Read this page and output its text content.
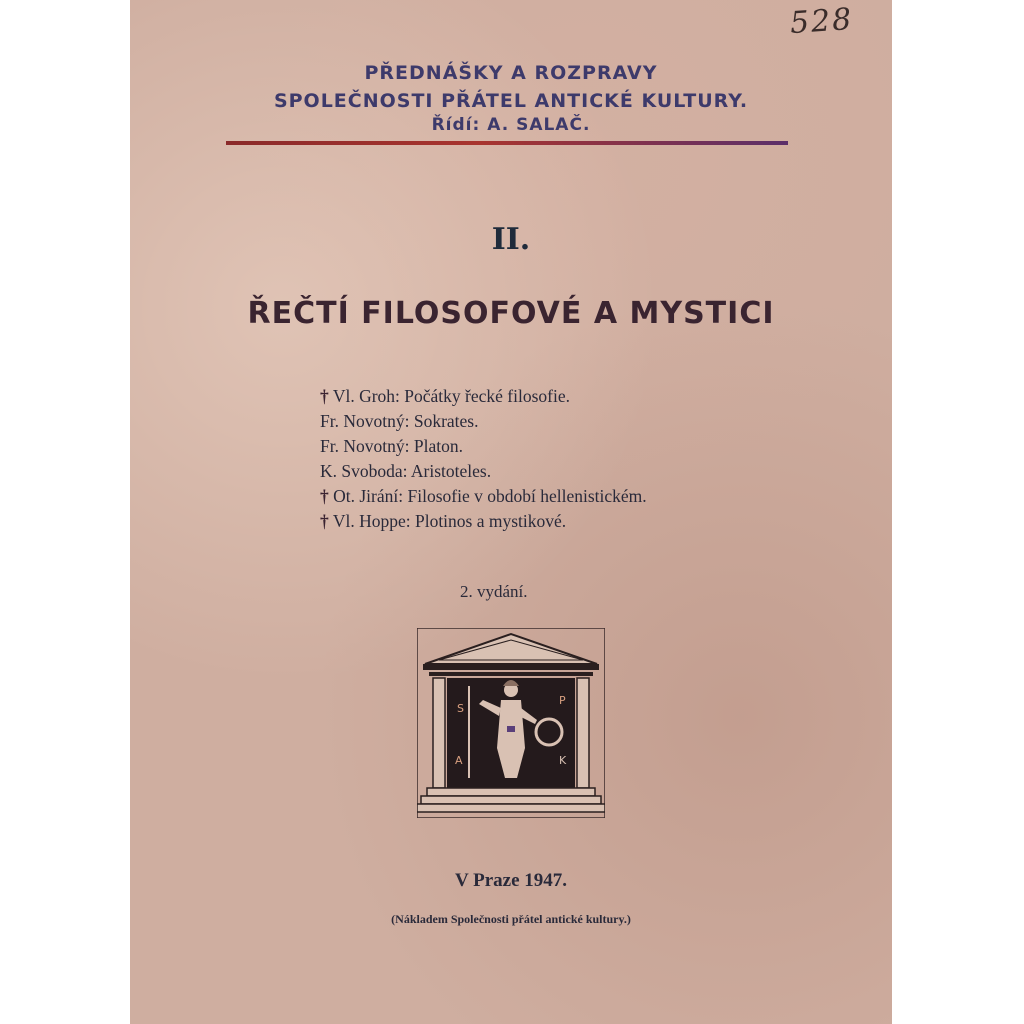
528
PŘEDNÁŠKY A ROZPRAVY
SPOLEČNOSTI PŘÁTEL ANTICKÉ KULTURY.
Řídí: A. SALAČ.
II.
ŘEČTÍ FILOSOFOVÉ A MYSTICI
† Vl. Groh: Počátky řecké filosofie.
Fr. Novotný: Sokrates.
Fr. Novotný: Platon.
K. Svoboda: Aristoteles.
† Ot. Jirání: Filosofie v období hellenistickém.
† Vl. Hoppe: Plotinos a mystikové.
2. vydání.
S
P
A	K
V Praze 1947.
(Nákladem Společnosti přátel antické kultury.)
